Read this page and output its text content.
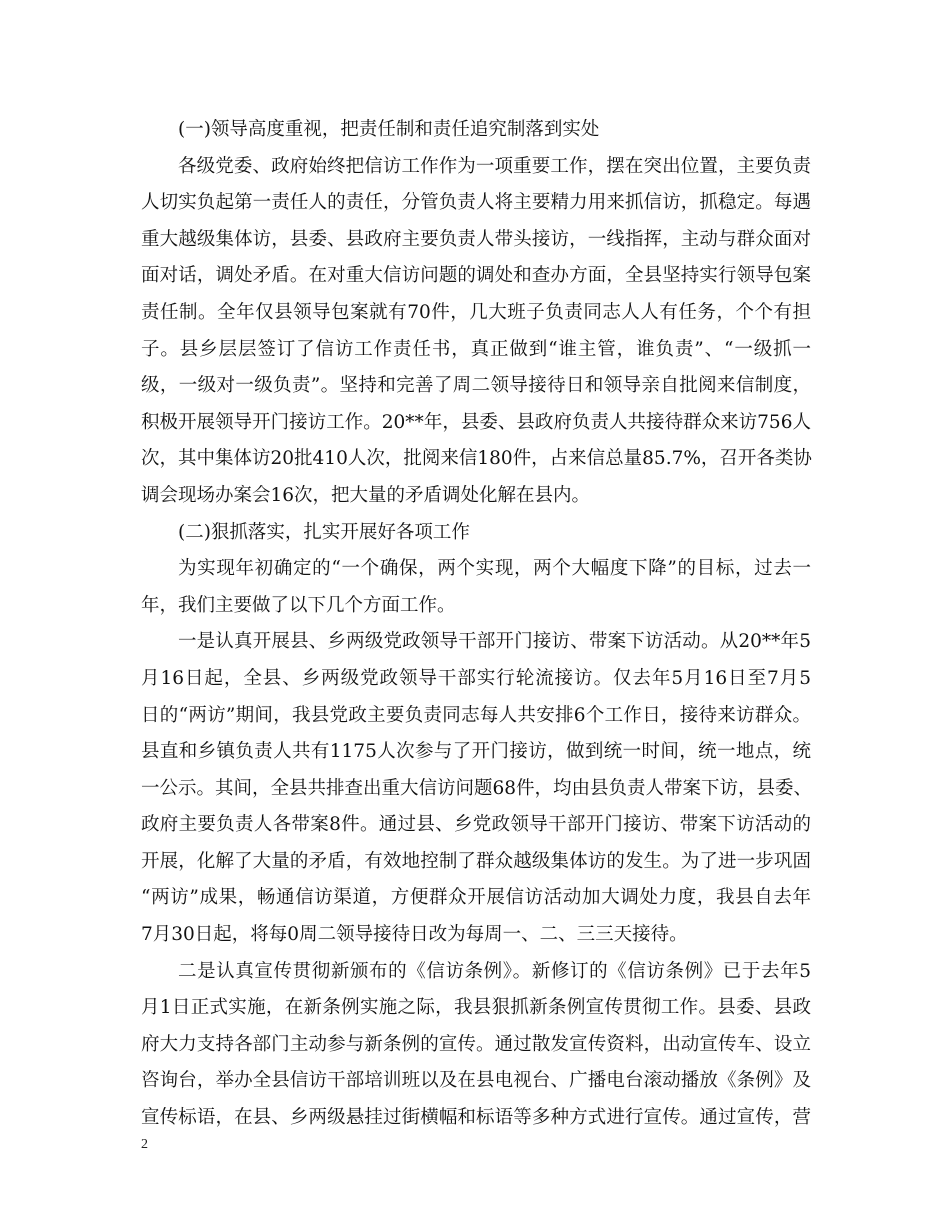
(一)领导高度重视，把责任制和责任追究制落到实处
各级党委、政府始终把信访工作作为一项重要工作，摆在突出位置，主要负责
人切实负起第一责任人的责任，分管负责人将主要精力用来抓信访，抓稳定。每遇
重大越级集体访，县委、县政府主要负责人带头接访，一线指挥，主动与群众面对
面对话，调处矛盾。在对重大信访问题的调处和查办方面，全县坚持实行领导包案
责任制。全年仅县领导包案就有70件，几大班子负责同志人人有任务，个个有担
子。县乡层层签订了信访工作责任书，真正做到“谁主管，谁负责”、“一级抓一
级，一级对一级负责”。坚持和完善了周二领导接待日和领导亲自批阅来信制度，
积极开展领导开门接访工作。20**年，县委、县政府负责人共接待群众来访756人
次，其中集体访20批410人次，批阅来信180件，占来信总量85.7%，召开各类协
调会现场办案会16次，把大量的矛盾调处化解在县内。
(二)狠抓落实，扎实开展好各项工作
为实现年初确定的“一个确保，两个实现，两个大幅度下降”的目标，过去一
年，我们主要做了以下几个方面工作。
一是认真开展县、乡两级党政领导干部开门接访、带案下访活动。从20**年5
月16日起，全县、乡两级党政领导干部实行轮流接访。仅去年5月16日至7月5
日的“两访”期间，我县党政主要负责同志每人共安排6个工作日，接待来访群众。
县直和乡镇负责人共有1175人次参与了开门接访，做到统一时间，统一地点，统
一公示。其间，全县共排查出重大信访问题68件，均由县负责人带案下访，县委、
政府主要负责人各带案8件。通过县、乡党政领导干部开门接访、带案下访活动的
开展，化解了大量的矛盾，有效地控制了群众越级集体访的发生。为了进一步巩固
“两访”成果，畅通信访渠道，方便群众开展信访活动加大调处力度，我县自去年
7月30日起，将每0周二领导接待日改为每周一、二、三三天接待。
二是认真宣传贯彻新颁布的《信访条例》。新修订的《信访条例》已于去年5
月1日正式实施，在新条例实施之际，我县狠抓新条例宣传贯彻工作。县委、县政
府大力支持各部门主动参与新条例的宣传。通过散发宣传资料，出动宣传车、设立
咨询台，举办全县信访干部培训班以及在县电视台、广播电台滚动播放《条例》及
宣传标语，在县、乡两级悬挂过街横幅和标语等多种方式进行宣传。通过宣传，营
2
